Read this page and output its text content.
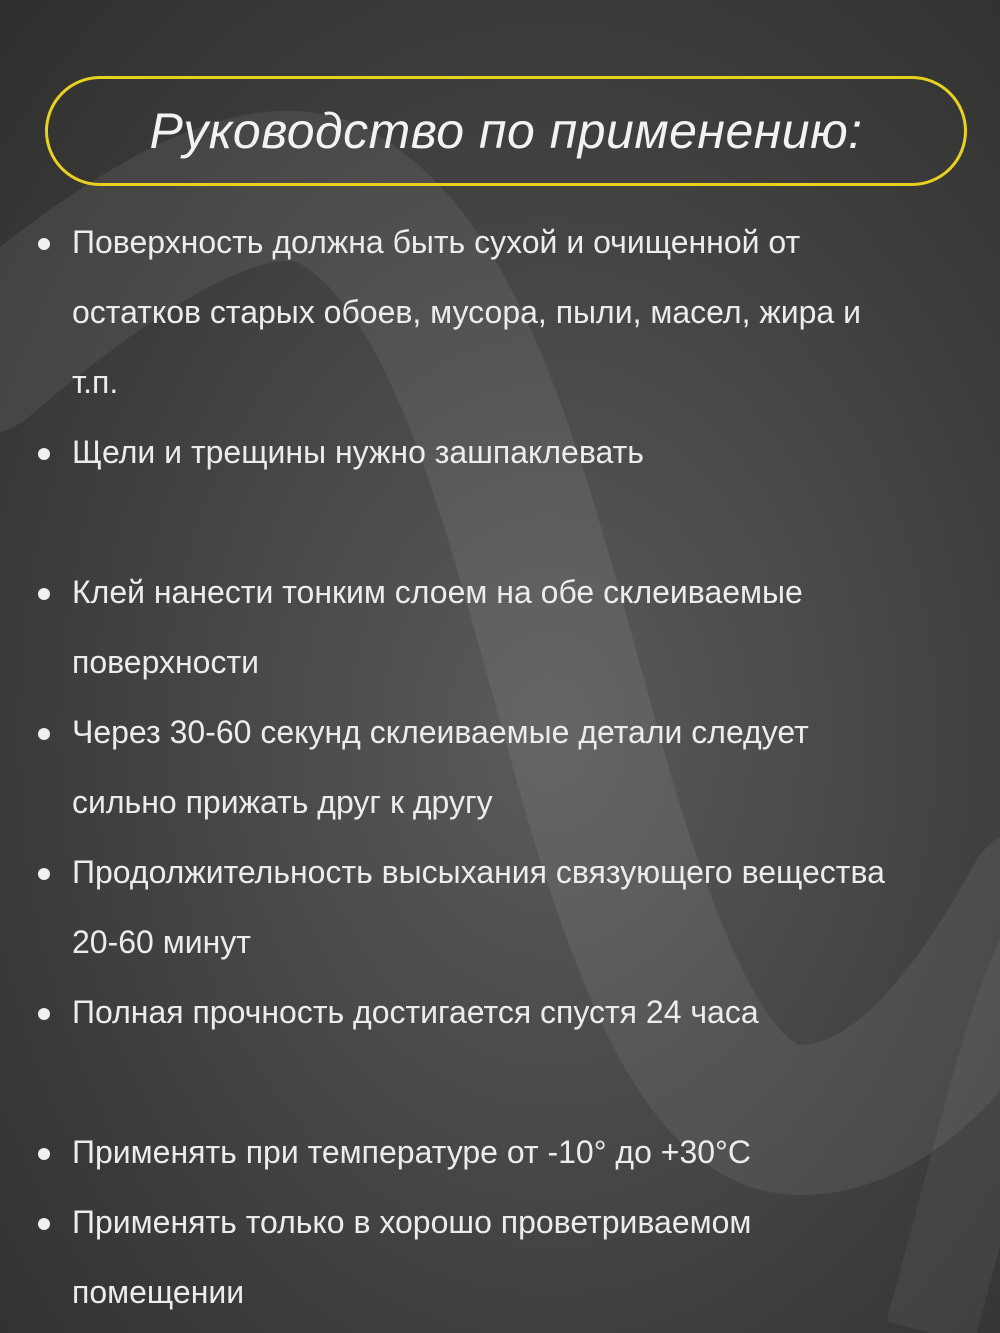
Руководство по применению:
Поверхность должна быть сухой и очищенной от
остатков старых обоев, мусора, пыли, масел, жира и
т.п.
Щели и трещины нужно зашпаклевать
Клей нанести тонким слоем на обе склеиваемые
поверхности
Через 30-60 секунд склеиваемые детали следует
сильно прижать друг к другу
Продолжительность высыхания связующего вещества
20-60 минут
Полная прочность достигается спустя 24 часа
Применять при температуре от -10° до +30°C
Применять только в хорошо проветриваемом
помещении
